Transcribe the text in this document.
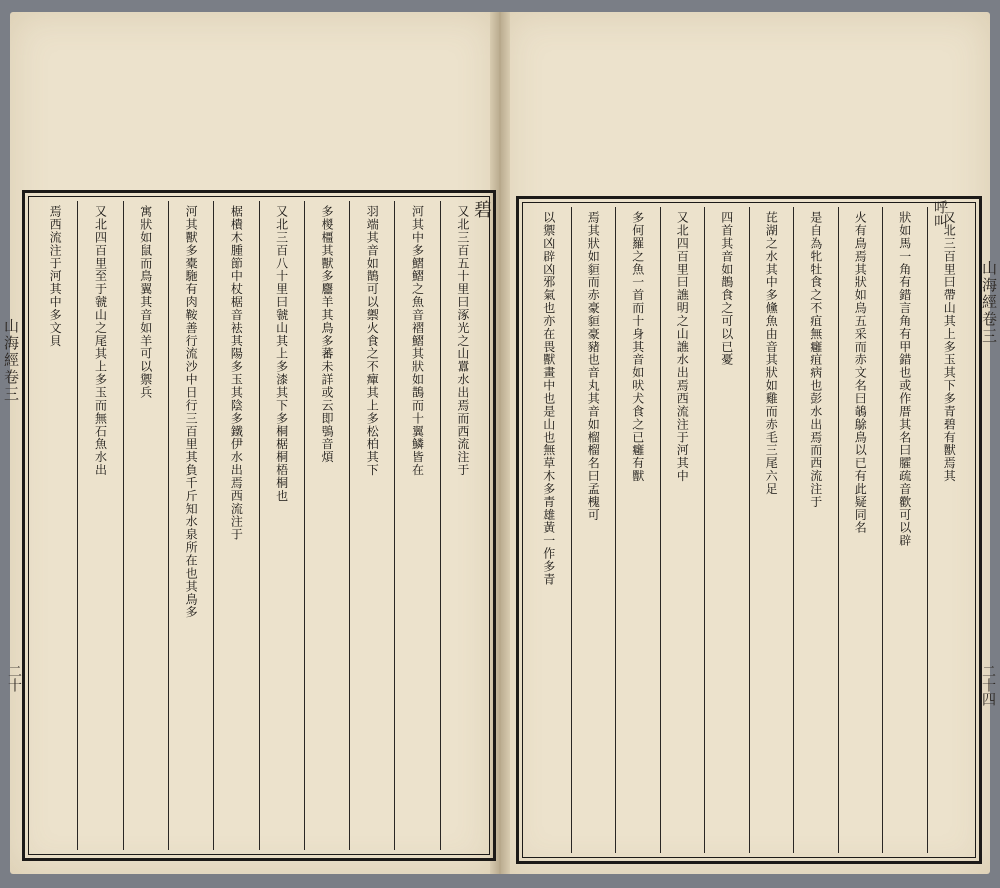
呼叫
又北三百里曰帶山其上多玉其下多青碧有獸焉其
狀如馬一角有錯言角有甲錯也或作厝其名曰臛疏音歡可以辟
火有鳥焉其狀如烏五采而赤文名曰鵸鵌鳥以已有此疑同名
是自為牝牡食之不疽無癰疽病也彭水出焉而西流注于
芘湖之水其中多儵魚由音其狀如雞而赤毛三尾六足
四首其音如鵲食之可以已憂
又北四百里曰譙明之山譙水出焉西流注于河其中
多何羅之魚一首而十身其音如吠犬食之已癰有獸
焉其狀如貆而赤豪貆豪豬也音丸其音如榴榴名曰孟槐可
以禦凶辟凶邪氣也亦在畏獸畫中也是山也無草木多青雄黃一作多青
碧
又北三百五十里曰涿光之山囂水出焉而西流注于
河其中多鰼鰼之魚音褶鰼其狀如鵲而十翼鱗皆在
羽端其音如鵲可以禦火食之不癉其上多松柏其下
多椶橿其獸多麢羊其鳥多蕃未詳或云即鴞音煩
又北三百八十里曰虢山其上多漆其下多桐椐桐梧桐也
椐樻木腫節中杖椐音袪其陽多玉其陰多鐵伊水出焉西流注于
河其獸多橐駞有肉鞍善行流沙中日行三百里其負千斤知水泉所在也其鳥多
寓狀如鼠而鳥翼其音如羊可以禦兵
又北四百里至于虢山之尾其上多玉而無石魚水出
焉西流注于河其中多文貝
山海經卷三
山海經卷三
二十	二十四
